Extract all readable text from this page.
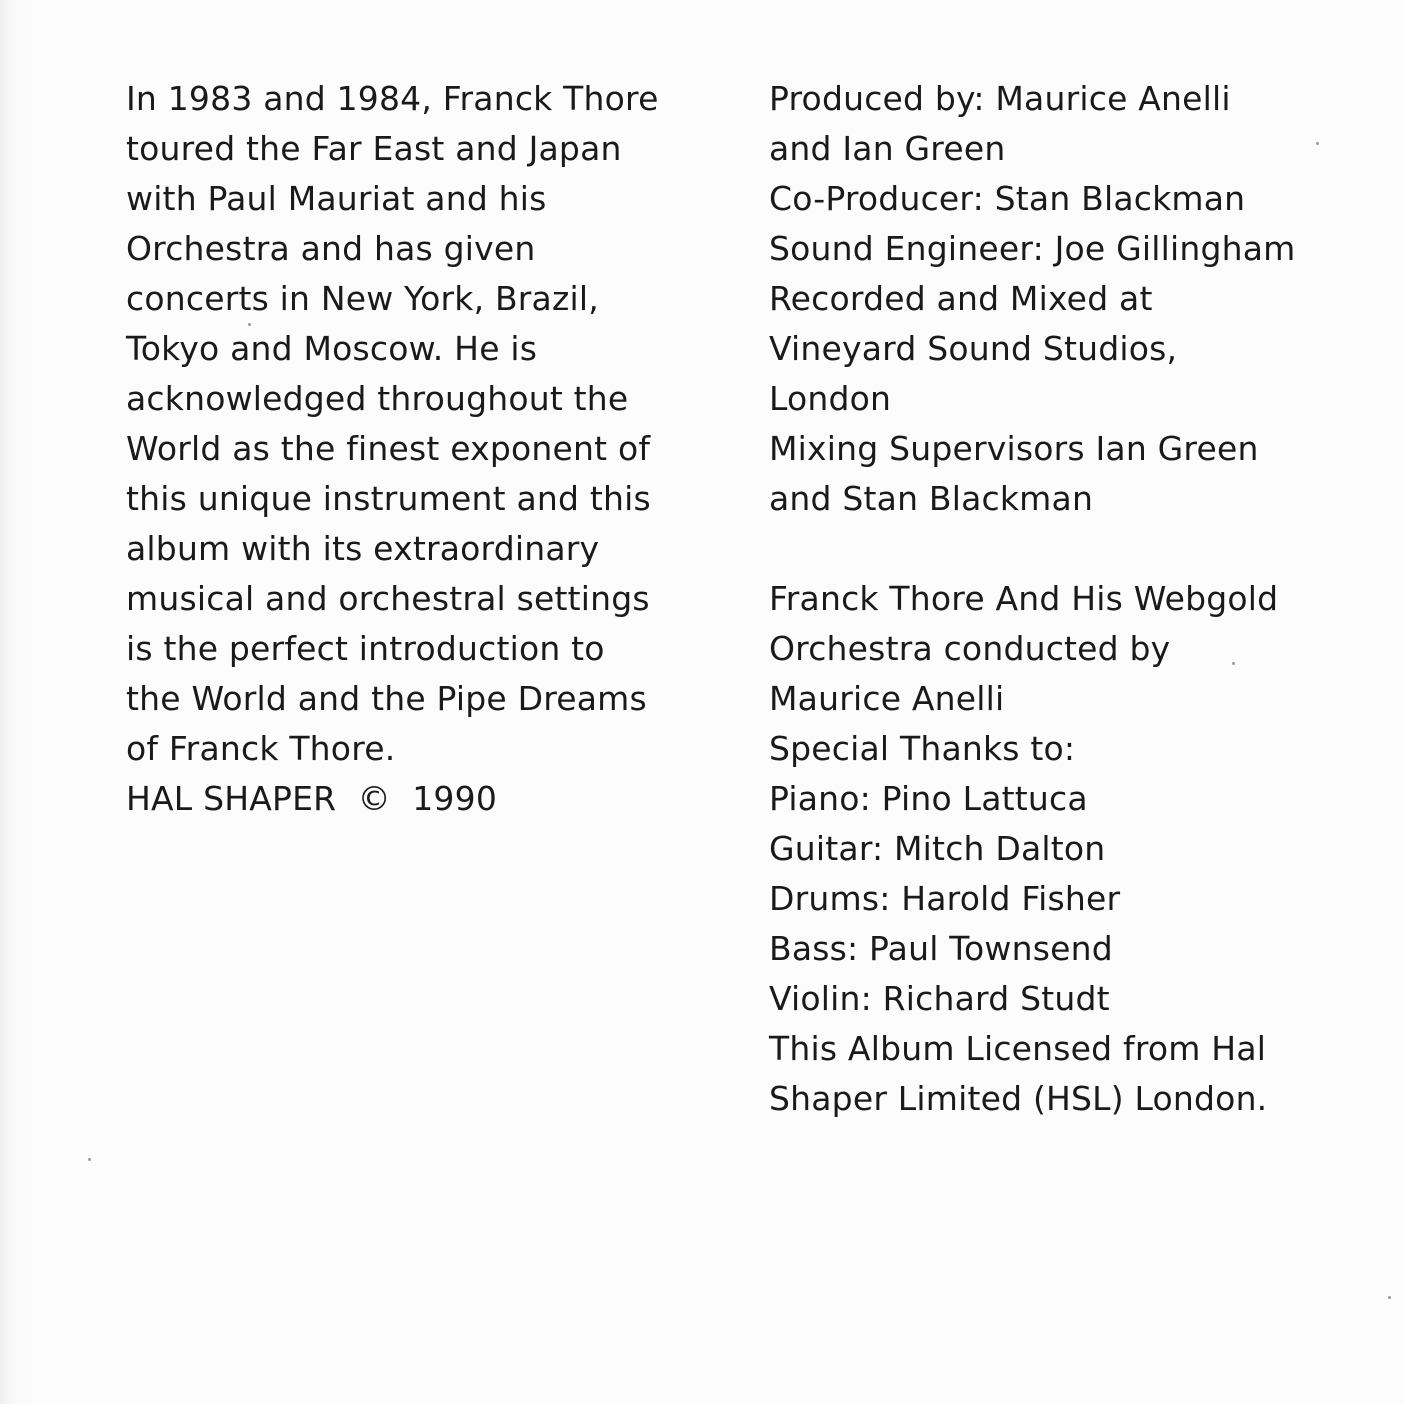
In 1983 and 1984, Franck Thore
toured the Far East and Japan
with Paul Mauriat and his
Orchestra and has given
concerts in New York, Brazil,
Tokyo and Moscow. He is
acknowledged throughout the
World as the finest exponent of
this unique instrument and this
album with its extraordinary
musical and orchestral settings
is the perfect introduction to
the World and the Pipe Dreams
of Franck Thore.
HAL SHAPER  ©  1990
Produced by: Maurice Anelli
and Ian Green
Co-Producer: Stan Blackman
Sound Engineer: Joe Gillingham
Recorded and Mixed at
Vineyard Sound Studios,
London
Mixing Supervisors Ian Green
and Stan Blackman
Franck Thore And His Webgold
Orchestra conducted by
Maurice Anelli
Special Thanks to:
Piano: Pino Lattuca
Guitar: Mitch Dalton
Drums: Harold Fisher
Bass: Paul Townsend
Violin: Richard Studt
This Album Licensed from Hal
Shaper Limited (HSL) London.
